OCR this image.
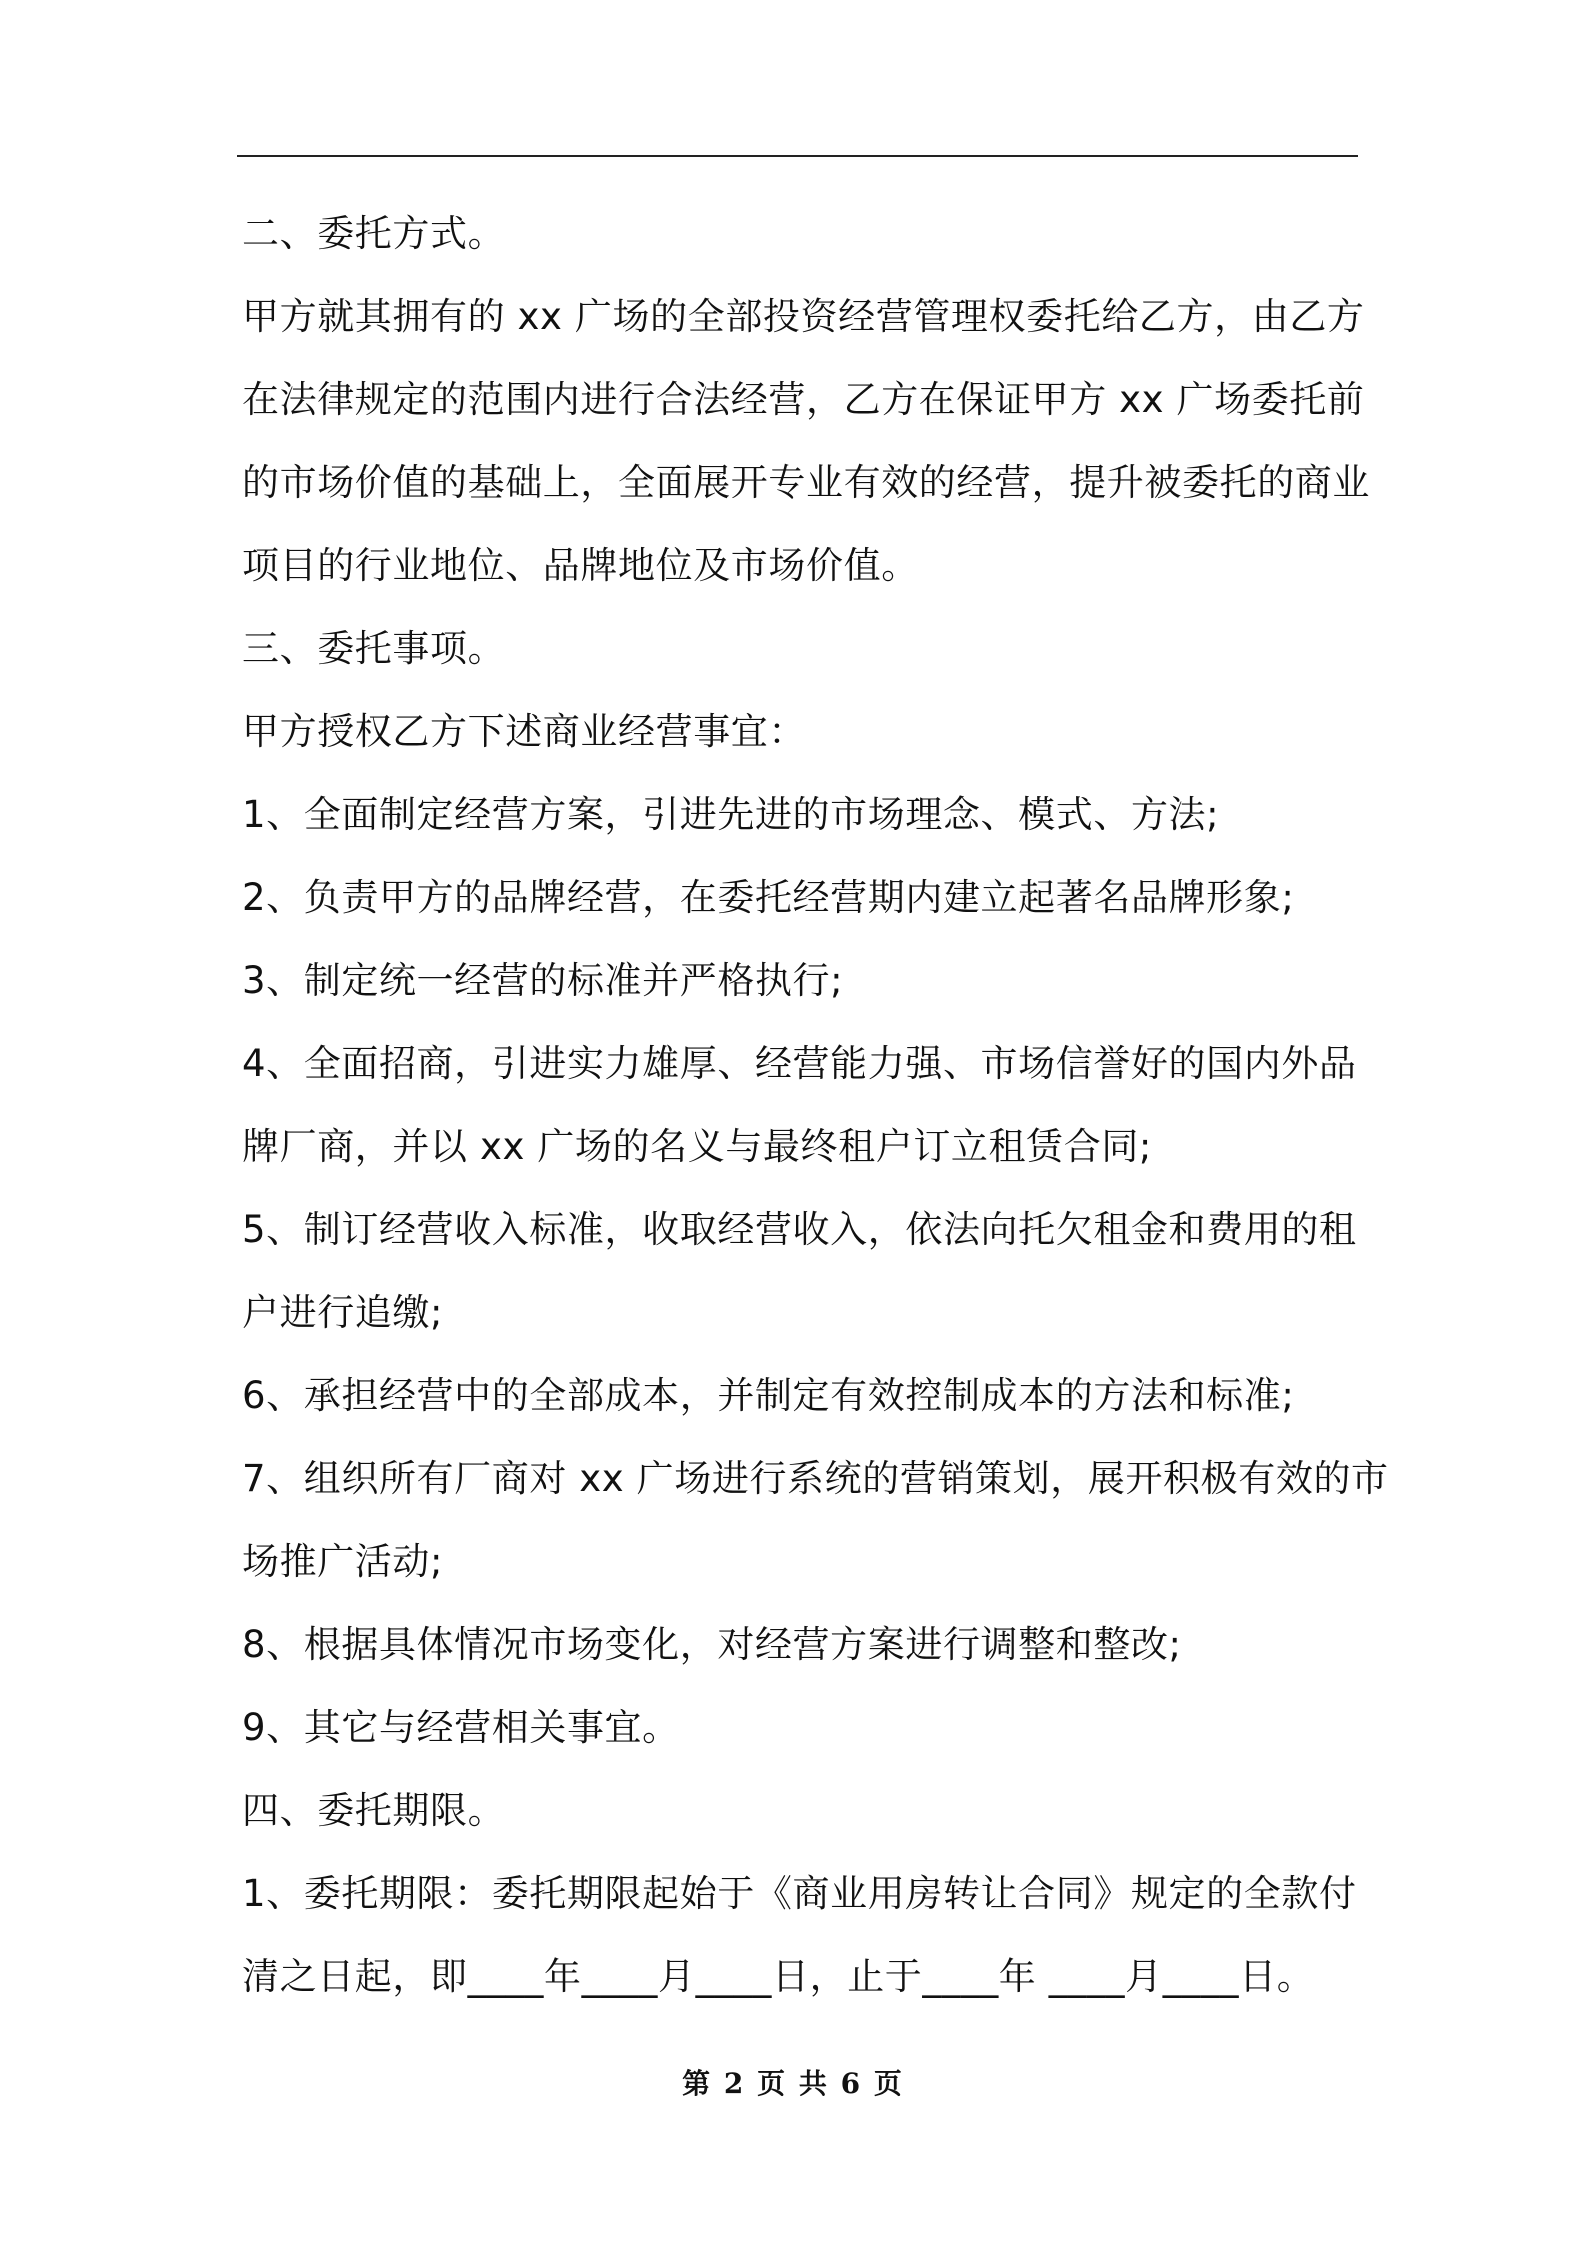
二、委托方式。
甲方就其拥有的 xx 广场的全部投资经营管理权委托给乙方，由乙方
在法律规定的范围内进行合法经营，乙方在保证甲方 xx 广场委托前
的市场价值的基础上，全面展开专业有效的经营，提升被委托的商业
项目的行业地位、品牌地位及市场价值。
三、委托事项。
甲方授权乙方下述商业经营事宜：
1、全面制定经营方案，引进先进的市场理念、模式、方法;
2、负责甲方的品牌经营，在委托经营期内建立起著名品牌形象;
3、制定统一经营的标准并严格执行;
4、全面招商，引进实力雄厚、经营能力强、市场信誉好的国内外品
牌厂商，并以 xx 广场的名义与最终租户订立租赁合同;
5、制订经营收入标准，收取经营收入，依法向托欠租金和费用的租
户进行追缴;
6、承担经营中的全部成本，并制定有效控制成本的方法和标准;
7、组织所有厂商对 xx 广场进行系统的营销策划，展开积极有效的市
场推广活动;
8、根据具体情况市场变化，对经营方案进行调整和整改;
9、其它与经营相关事宜。
四、委托期限。
1、委托期限：委托期限起始于《商业用房转让合同》规定的全款付
清之日起，即____年____月____日，止于____年 ____月____日。
第 2 页 共 6 页
